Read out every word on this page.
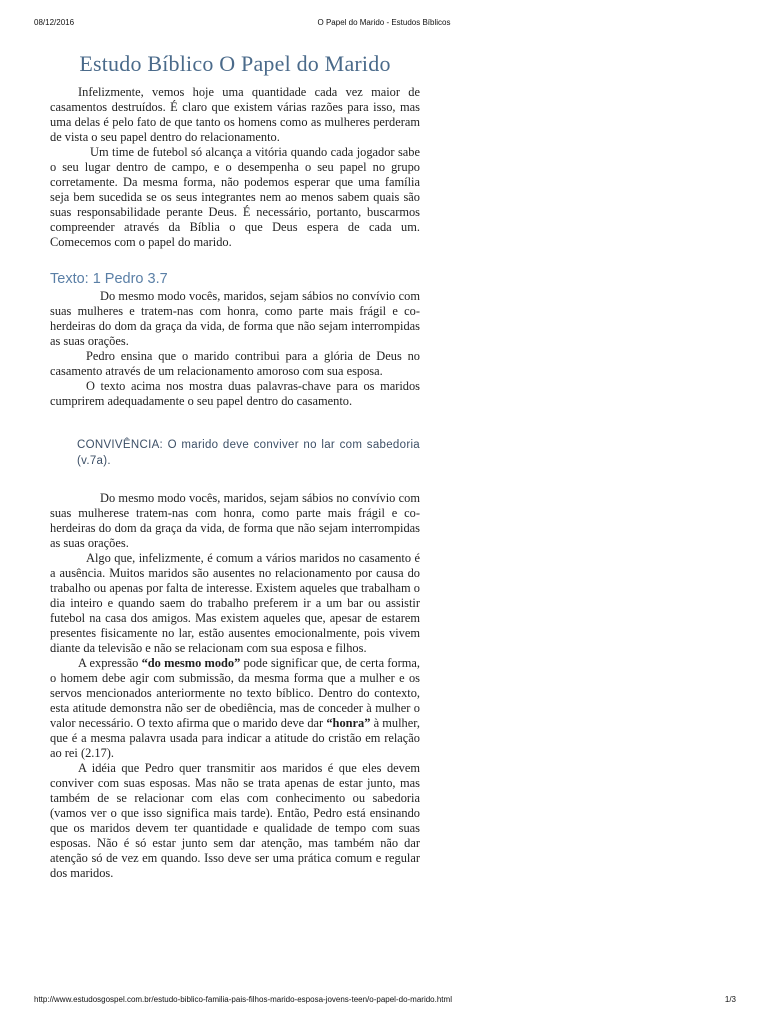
08/12/2016	O Papel do Marido - Estudos Bíblicos
Estudo Bíblico O Papel do Marido

Infelizmente, vemos hoje uma quantidade cada vez maior de casamentos destruídos. É claro que existem várias razões para isso, mas uma delas é pelo fato de que tanto os homens como as mulheres perderam de vista o seu papel dentro do relacionamento.

Um time de futebol só alcança a vitória quando cada jogador sabe o seu lugar dentro de campo, e o desempenha o seu papel no grupo corretamente. Da mesma forma, não podemos esperar que uma família seja bem sucedida se os seus integrantes nem ao menos sabem quais são suas responsabilidade perante Deus. É necessário, portanto, buscarmos compreender através da Bíblia o que Deus espera de cada um. Comecemos com o papel do marido.

Texto: 1 Pedro 3.7

Do mesmo modo vocês, maridos, sejam sábios no convívio com suas mulheres e tratem-nas com honra, como parte mais frágil e co-herdeiras do dom da graça da vida, de forma que não sejam interrompidas as suas orações.

Pedro ensina que o marido contribui para a glória de Deus no casamento através de um relacionamento amoroso com sua esposa.

O texto acima nos mostra duas palavras-chave para os maridos cumprirem adequadamente o seu papel dentro do casamento.

CONVIVÊNCIA: O marido deve conviver no lar com sabedoria (v.7a).

Do mesmo modo vocês, maridos, sejam sábios no convívio com suas mulherese tratem-nas com honra, como parte mais frágil e co-herdeiras do dom da graça da vida, de forma que não sejam interrompidas as suas orações.

Algo que, infelizmente, é comum a vários maridos no casamento é a ausência. Muitos maridos são ausentes no relacionamento por causa do trabalho ou apenas por falta de interesse. Existem aqueles que trabalham o dia inteiro e quando saem do trabalho preferem ir a um bar ou assistir futebol na casa dos amigos. Mas existem aqueles que, apesar de estarem presentes fisicamente no lar, estão ausentes emocionalmente, pois vivem diante da televisão e não se relacionam com sua esposa e filhos.

A expressão “do mesmo modo” pode significar que, de certa forma, o homem debe agir com submissão, da mesma forma que a mulher e os servos mencionados anteriormente no texto bíblico. Dentro do contexto, esta atitude demonstra não ser de obediência, mas de conceder à mulher o valor necessário. O texto afirma que o marido deve dar “honra” à mulher, que é a mesma palavra usada para indicar a atitude do cristão em relação ao rei (2.17).

A idéia que Pedro quer transmitir aos maridos é que eles devem conviver com suas esposas. Mas não se trata apenas de estar junto, mas também de se relacionar com elas com conhecimento ou sabedoria (vamos ver o que isso significa mais tarde). Então, Pedro está ensinando que os maridos devem ter quantidade e qualidade de tempo com suas esposas. Não é só estar junto sem dar atenção, mas também não dar atenção só de vez em quando. Isso deve ser uma prática comum e regular dos maridos.

http://www.estudosgospel.com.br/estudo-biblico-familia-pais-filhos-marido-esposa-jovens-teen/o-papel-do-marido.html	1/3
